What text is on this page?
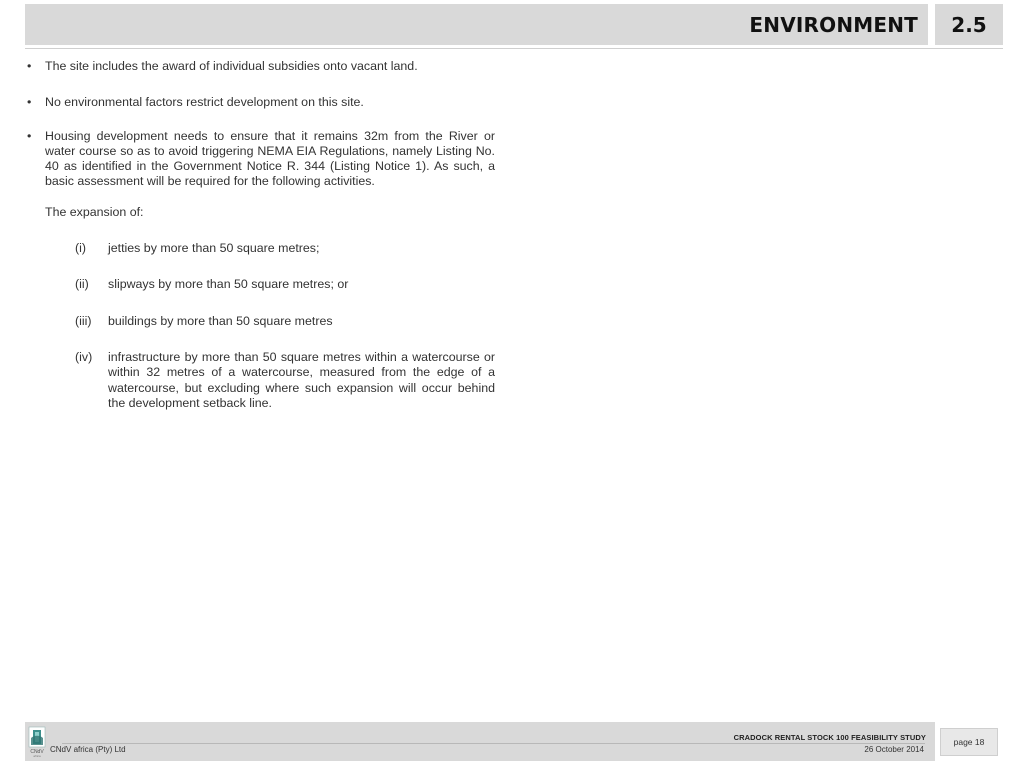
ENVIRONMENT	2.5
• The site includes the award of individual subsidies onto vacant land.
• No environmental factors restrict development on this site.
• Housing development needs to ensure that it remains 32m from the River or water course so as to avoid triggering NEMA EIA Regulations, namely Listing No. 40 as identified in the Government Notice R. 344 (Listing Notice 1). As such, a basic assessment will be required for the following activities.
The expansion of:
(i) jetties by more than 50 square metres;
(ii) slipways by more than 50 square metres; or
(iii) buildings by more than 50 square metres
(iv) infrastructure by more than 50 square metres within a watercourse or within 32 metres of a watercourse, measured from the edge of a watercourse, but excluding where such expansion will occur behind the development setback line.
CNdV
africa
CNdV africa (Pty) Ltd
CRADOCK RENTAL STOCK 100 FEASIBILITY STUDY
26 October 2014
page 18
